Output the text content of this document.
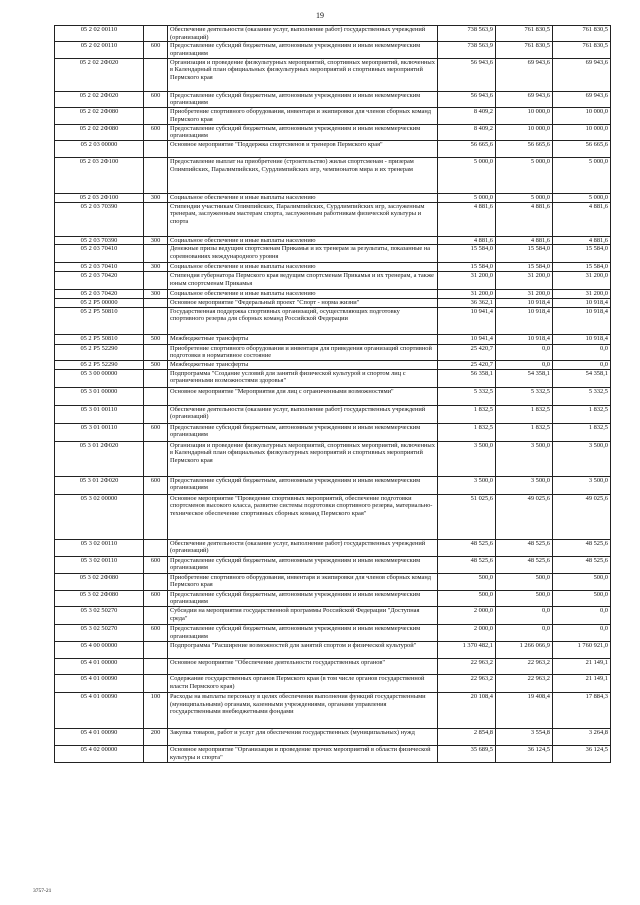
19
05 2 02 00110		Обеспечение деятельности (оказание услуг, выполнение работ) государственных учреждений (организаций)	738 563,9	761 830,5	761 830,5
05 2 02 00110	600	Предоставление субсидий бюджетным, автономным учреждениям и иным некоммерческим организациям	738 563,9	761 830,5	761 830,5
05 2 02 2Ф020		Организация и проведение физкультурных мероприятий, спортивных мероприятий, включенных в Календарный план официальных физкультурных мероприятий и спортивных мероприятий Пермского края	56 943,6	69 943,6	69 943,6
05 2 02 2Ф020	600	Предоставление субсидий бюджетным, автономным учреждениям и иным некоммерческим организациям	56 943,6	69 943,6	69 943,6
05 2 02 2Ф080		Приобретение спортивного оборудования, инвентаря и экипировки для членов сборных команд Пермского края	8 409,2	10 000,0	10 000,0
05 2 02 2Ф080	600	Предоставление субсидий бюджетным, автономным учреждениям и иным некоммерческим организациям	8 409,2	10 000,0	10 000,0
05 2 03 00000		Основное мероприятие "Поддержка спортсменов и тренеров Пермского края"	56 665,6	56 665,6	56 665,6
05 2 03 2Ф100		Предоставление выплат на приобретение (строительство) жилья спортсменам - призерам Олимпийских, Паралимпийских, Сурдлимпийских игр, чемпионатов мира и их тренерам	5 000,0	5 000,0	5 000,0
05 2 03 2Ф100	300	Социальное обеспечение и иные выплаты населению	5 000,0	5 000,0	5 000,0
05 2 03 70390		Стипендии участникам Олимпийских, Паралимпийских, Сурдлимпийских игр, заслуженным тренерам, заслуженным мастерам спорта, заслуженным работникам физической культуры и спорта	4 881,6	4 881,6	4 881,6
05 2 03 70390	300	Социальное обеспечение и иные выплаты населению	4 881,6	4 881,6	4 881,6
05 2 03 70410		Денежные призы ведущим спортсменам Прикамья и их тренерам за результаты, показанные на соревнованиях международного уровня	15 584,0	15 584,0	15 584,0
05 2 03 70410	300	Социальное обеспечение и иные выплаты населению	15 584,0	15 584,0	15 584,0
05 2 03 70420		Стипендия губернатора Пермского края ведущим спортсменам Прикамья и их тренерам, а также юным спортсменам Прикамья	31 200,0	31 200,0	31 200,0
05 2 03 70420	300	Социальное обеспечение и иные выплаты населению	31 200,0	31 200,0	31 200,0
05 2 Р5 00000		Основное мероприятие "Федеральный проект "Спорт - норма жизни"	36 362,1	10 918,4	10 918,4
05 2 Р5 50810		Государственная поддержка спортивных организаций, осуществляющих подготовку спортивного резерва для сборных команд Российской Федерации	10 941,4	10 918,4	10 918,4
05 2 Р5 50810	500	Межбюджетные трансферты	10 941,4	10 918,4	10 918,4
05 2 Р5 52290		Приобретение спортивного оборудования и инвентаря для приведения организаций спортивной подготовки в нормативное состояние	25 420,7	0,0	0,0
05 2 Р5 52290	500	Межбюджетные трансферты	25 420,7	0,0	0,0
05 3 00 00000		Подпрограмма "Создание условий для занятий физической культурой и спортом лиц с ограниченными возможностями здоровья"	56 358,1	54 358,1	54 358,1
05 3 01 00000		Основное мероприятие "Мероприятия для лиц с ограниченными возможностями"	5 332,5	5 332,5	5 332,5
05 3 01 00110		Обеспечение деятельности (оказание услуг, выполнение работ) государственных учреждений (организаций)	1 832,5	1 832,5	1 832,5
05 3 01 00110	600	Предоставление субсидий бюджетным, автономным учреждениям и иным некоммерческим организациям	1 832,5	1 832,5	1 832,5
05 3 01 2Ф020		Организация и проведение физкультурных мероприятий, спортивных мероприятий, включенных в Календарный план официальных физкультурных мероприятий и спортивных мероприятий Пермского края	3 500,0	3 500,0	3 500,0
05 3 01 2Ф020	600	Предоставление субсидий бюджетным, автономным учреждениям и иным некоммерческим организациям	3 500,0	3 500,0	3 500,0
05 3 02 00000		Основное мероприятие "Проведение спортивных мероприятий, обеспечение подготовки спортсменов высокого класса, развитие системы подготовки спортивного резерва, материально-техническое обеспечение спортивных сборных команд Пермского края"	51 025,6	49 025,6	49 025,6
05 3 02 00110		Обеспечение деятельности (оказание услуг, выполнение работ) государственных учреждений (организаций)	48 525,6	48 525,6	48 525,6
05 3 02 00110	600	Предоставление субсидий бюджетным, автономным учреждениям и иным некоммерческим организациям	48 525,6	48 525,6	48 525,6
05 3 02 2Ф080		Приобретение спортивного оборудования, инвентаря и экипировки для членов сборных команд Пермского края	500,0	500,0	500,0
05 3 02 2Ф080	600	Предоставление субсидий бюджетным, автономным учреждениям и иным некоммерческим организациям	500,0	500,0	500,0
05 3 02 50270		Субсидии на мероприятия государственной программы Российской Федерации "Доступная среда"	2 000,0	0,0	0,0
05 3 02 50270	600	Предоставление субсидий бюджетным, автономным учреждениям и иным некоммерческим организациям	2 000,0	0,0	0,0
05 4 00 00000		Подпрограмма "Расширение возможностей для занятий спортом и физической культурой"	1 370 482,1	1 266 066,9	1 760 921,0
05 4 01 00000		Основное мероприятие "Обеспечение деятельности государственных органов"	22 963,2	22 963,2	21 149,1
05 4 01 00090		Содержание государственных органов Пермского края (в том числе органов государственной власти Пермского края)	22 963,2	22 963,2	21 149,1
05 4 01 00090	100	Расходы на выплаты персоналу в целях обеспечения выполнения функций государственными (муниципальными) органами, казенными учреждениями, органами управления государственными внебюджетными фондами	20 108,4	19 408,4	17 884,3
05 4 01 00090	200	Закупка товаров, работ и услуг для обеспечения государственных (муниципальных) нужд	2 854,8	3 554,8	3 264,8
05 4 02 00000		Основное мероприятие "Организация и проведение прочих мероприятий в области физической культуры и спорта"	35 689,5	36 124,5	36 124,5
3757-21
